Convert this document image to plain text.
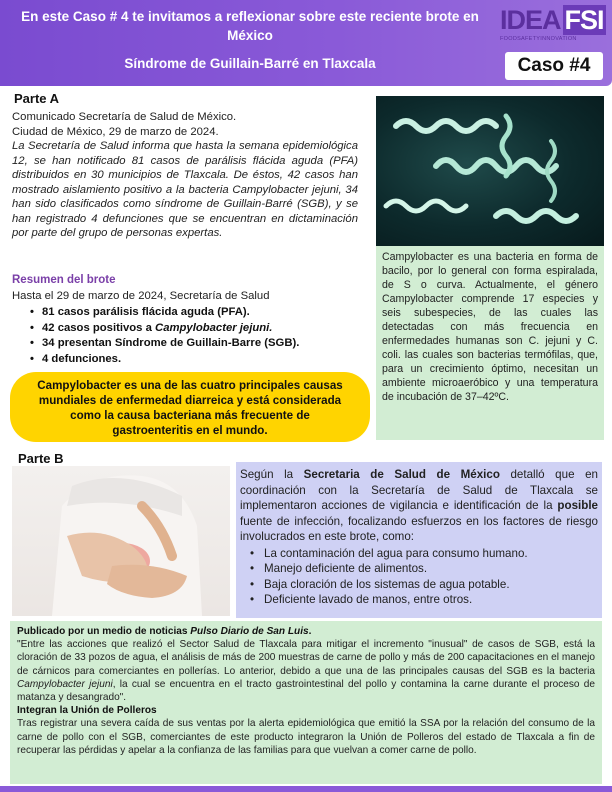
En este Caso # 4 te invitamos a reflexionar sobre este reciente brote en México
Síndrome de Guillain-Barré en Tlaxcala
IDEA FSI
FOODSAFETYINNOVATION
Caso #4
Parte A
Comunicado Secretaría de Salud de México.
Ciudad de México, 29 de marzo de 2024.
La Secretaría de Salud informa que hasta la semana epidemiológica 12, se han notificado 81 casos de parálisis flácida aguda (PFA) distribuidos en 30 municipios de Tlaxcala. De éstos, 42 casos han mostrado aislamiento positivo a la bacteria Campylobacter jejuni, 34 han sido clasificados como síndrome de Guillain-Barré (SGB), y se han registrado 4 defunciones que se encuentran en dictaminación por parte del grupo de personas expertas.
Resumen del brote
Hasta el 29 de marzo de 2024, Secretaría de Salud
• 81 casos parálisis flácida aguda (PFA).
• 42 casos positivos a Campylobacter jejuni.
• 34 presentan Síndrome de Guillain-Barre (SGB).
• 4 defunciones.
Campylobacter es una de las cuatro principales causas mundiales de enfermedad diarreica y está considerada como la causa bacteriana más frecuente de gastroenteritis en el mundo.
Campylobacter es una bacteria en forma de bacilo, por lo general con forma espiralada, de S o curva. Actualmente, el género Campylobacter comprende 17 especies y seis subespecies, de las cuales las detectadas con más frecuencia en enfermedades humanas son C. jejuni y C. coli. las cuales son bacterias termófilas, que, para un crecimiento óptimo, necesitan un ambiente microaeróbico y una temperatura de incubación de 37–42ºC.
Parte B
Según la Secretaria de Salud de México detalló que en coordinación con la Secretaría de Salud de Tlaxcala se implementaron acciones de vigilancia e identificación de la posible fuente de infección, focalizando esfuerzos en los factores de riesgo involucrados en este brote, como:
• La contaminación del agua para consumo humano.
• Manejo deficiente de alimentos.
• Baja cloración de los sistemas de agua potable.
• Deficiente lavado de manos, entre otros.

Publicado por un medio de noticias Pulso Diario de San Luis.

"Entre las acciones que realizó el Sector Salud de Tlaxcala para mitigar el incremento "inusual" de casos de SGB, está la cloración de 33 pozos de agua, el análisis de más de 200 muestras de carne de pollo y más de 200 capacitaciones en el manejo de cárnicos para comerciantes en pollerías. Lo anterior, debido a que una de las principales causas del SGB es la bacteria Campylobacter jejuni, la cual se encuentra en el tracto gastrointestinal del pollo y contamina la carne durante el proceso de matanza y desangrado".

Integran la Unión de Polleros

Tras registrar una severa caída de sus ventas por la alerta epidemiológica que emitió la SSA por la relación del consumo de la carne de pollo con el SGB, comerciantes de este producto integraron la Unión de Polleros del estado de Tlaxcala a fin de recuperar las pérdidas y apelar a la confianza de las familias para que vuelvan a comer carne de pollo.
